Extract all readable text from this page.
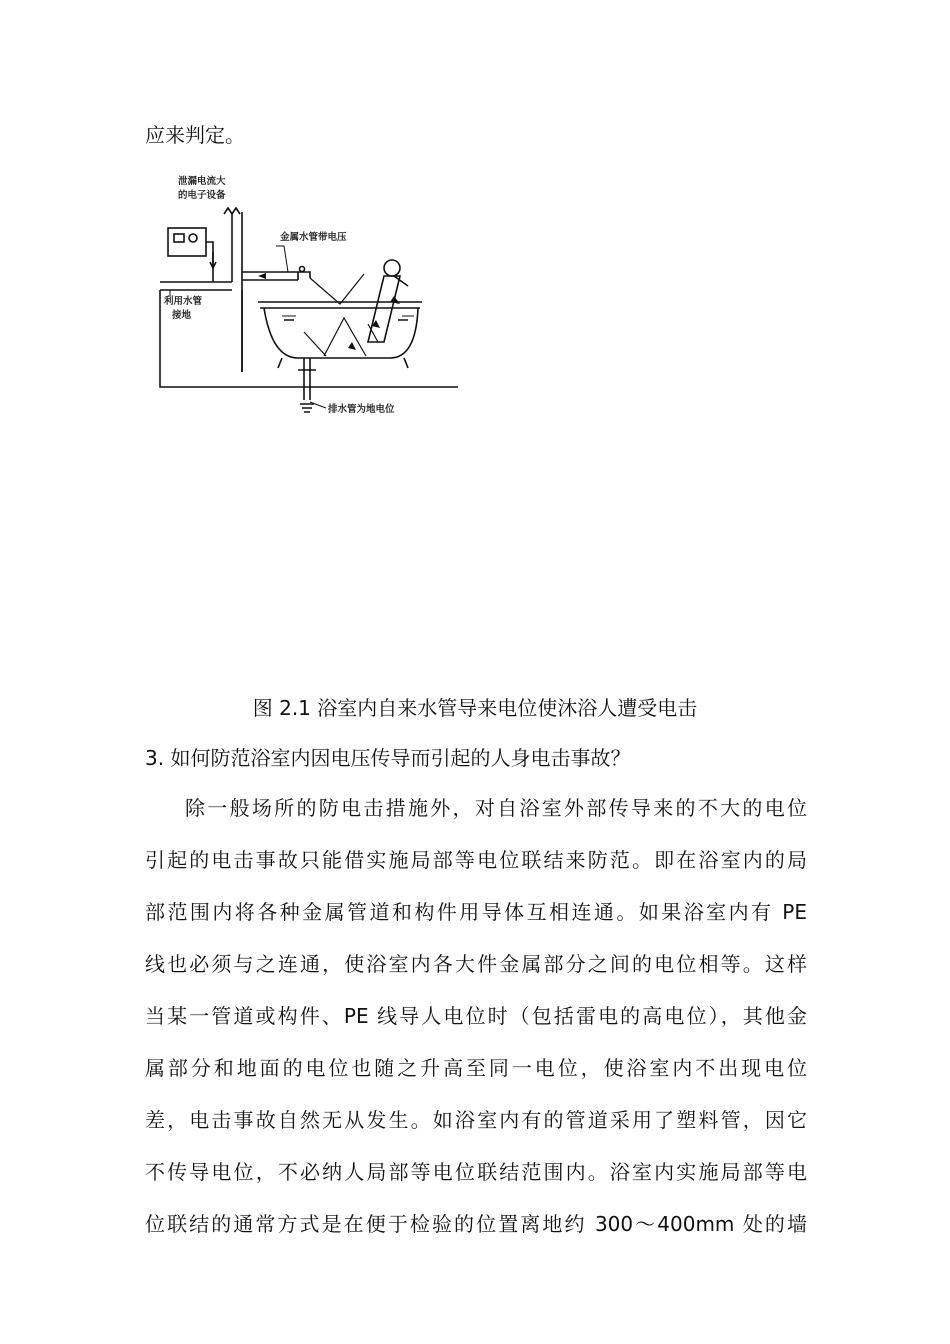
应来判定。
泄漏电流大
的电子设备
金属水管带电压
利用水管
接地
排水管为地电位
图 2.1 浴室内自来水管导来电位使沐浴人遭受电击
3. 如何防范浴室内因电压传导而引起的人身电击事故？
除一般场所的防电击措施外，对自浴室外部传导来的不大的电位
引起的电击事故只能借实施局部等电位联结来防范。即在浴室内的局
部范围内将各种金属管道和构件用导体互相连通。如果浴室内有 PE
线也必须与之连通，使浴室内各大件金属部分之间的电位相等。这样
当某一管道或构件、PE 线导人电位时（包括雷电的高电位），其他金
属部分和地面的电位也随之升高至同一电位，使浴室内不出现电位
差，电击事故自然无从发生。如浴室内有的管道采用了塑料管，因它
不传导电位，不必纳人局部等电位联结范围内。浴室内实施局部等电
位联结的通常方式是在便于检验的位置离地约 300～400mm 处的墙
